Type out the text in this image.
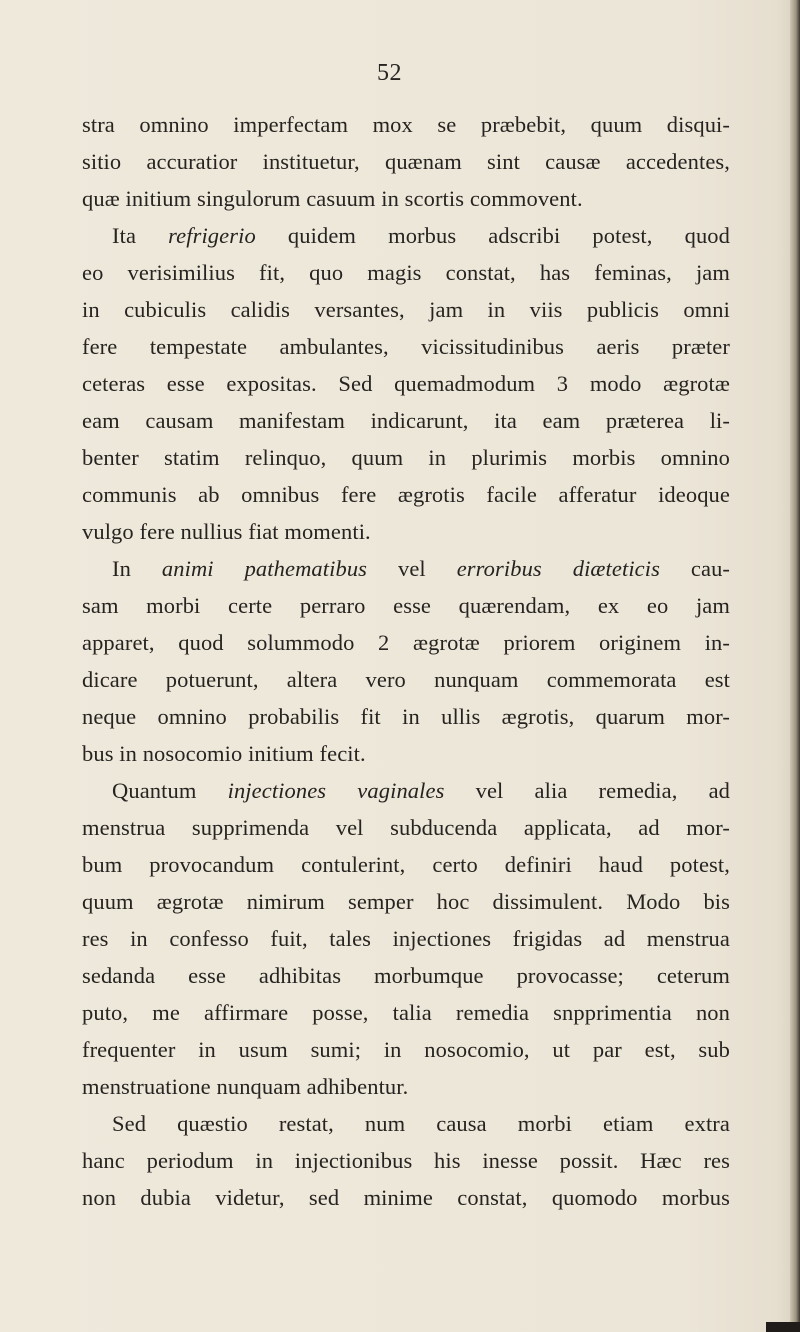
52
stra omnino imperfectam mox se præbebit, quum disqui-
sitio accuratior instituetur, quænam sint causæ accedentes,
quæ initium singulorum casuum in scortis commovent.
Ita refrigerio quidem morbus adscribi potest, quod
eo verisimilius fit, quo magis constat, has feminas, jam
in cubiculis calidis versantes, jam in viis publicis omni
fere tempestate ambulantes, vicissitudinibus aeris præter
ceteras esse expositas. Sed quemadmodum 3 modo ægrotæ
eam causam manifestam indicarunt, ita eam præterea li-
benter statim relinquo, quum in plurimis morbis omnino
communis ab omnibus fere ægrotis facile afferatur ideoque
vulgo fere nullius fiat momenti.
In animi pathematibus vel erroribus diæteticis cau-
sam morbi certe perraro esse quærendam, ex eo jam
apparet, quod solummodo 2 ægrotæ priorem originem in-
dicare potuerunt, altera vero nunquam commemorata est
neque omnino probabilis fit in ullis ægrotis, quarum mor-
bus in nosocomio initium fecit.
Quantum injectiones vaginales vel alia remedia, ad
menstrua supprimenda vel subducenda applicata, ad mor-
bum provocandum contulerint, certo definiri haud potest,
quum ægrotæ nimirum semper hoc dissimulent. Modo bis
res in confesso fuit, tales injectiones frigidas ad menstrua
sedanda esse adhibitas morbumque provocasse; ceterum
puto, me affirmare posse, talia remedia snpprimentia non
frequenter in usum sumi; in nosocomio, ut par est, sub
menstruatione nunquam adhibentur.
Sed quæstio restat, num causa morbi etiam extra
hanc periodum in injectionibus his inesse possit. Hæc res
non dubia videtur, sed minime constat, quomodo morbus
